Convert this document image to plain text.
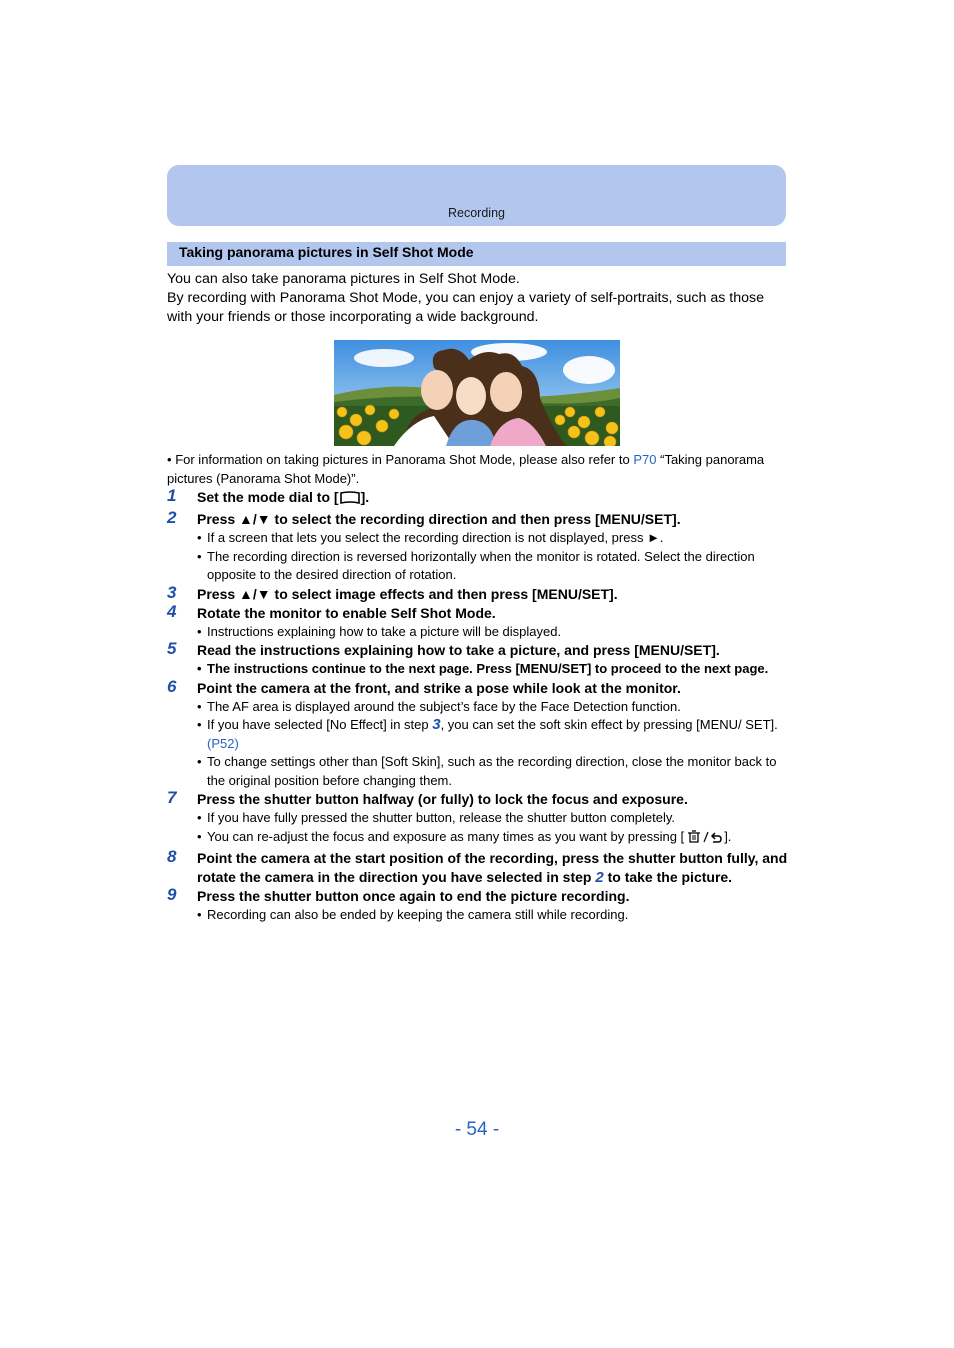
Recording
Taking panorama pictures in Self Shot Mode

You can also take panorama pictures in Self Shot Mode.

By recording with Panorama Shot Mode, you can enjoy a variety of self-portraits, such as those with your friends or those incorporating a wide background.

• For information on taking pictures in Panorama Shot Mode, please also refer to P70 “Taking panorama pictures (Panorama Shot Mode)”.
1 Set the mode dial to [ ].
2 Press ▲/▼ to select the recording direction and then press [MENU/SET].
• If a screen that lets you select the recording direction is not displayed, press ►.
• The recording direction is reversed horizontally when the monitor is rotated. Select the direction opposite to the desired direction of rotation.
3 Press ▲/▼ to select image effects and then press [MENU/SET].
4 Rotate the monitor to enable Self Shot Mode.
• Instructions explaining how to take a picture will be displayed.
5 Read the instructions explaining how to take a picture, and press [MENU/SET].
• The instructions continue to the next page. Press [MENU/SET] to proceed to the next page.
6 Point the camera at the front, and strike a pose while look at the monitor.
• The AF area is displayed around the subject’s face by the Face Detection function.
• If you have selected [No Effect] in step 3, you can set the soft skin effect by pressing [MENU/ SET]. (P52)
• To change settings other than [Soft Skin], such as the recording direction, close the monitor back to the original position before changing them.
7 Press the shutter button halfway (or fully) to lock the focus and exposure.
• If you have fully pressed the shutter button, release the shutter button completely.
• You can re-adjust the focus and exposure as many times as you want by pressing [	].
8 Point the camera at the start position of the recording, press the shutter button fully, and rotate the camera in the direction you have selected in step 2 to take the picture.
9 Press the shutter button once again to end the picture recording.
• Recording can also be ended by keeping the camera still while recording.
- 54 -
